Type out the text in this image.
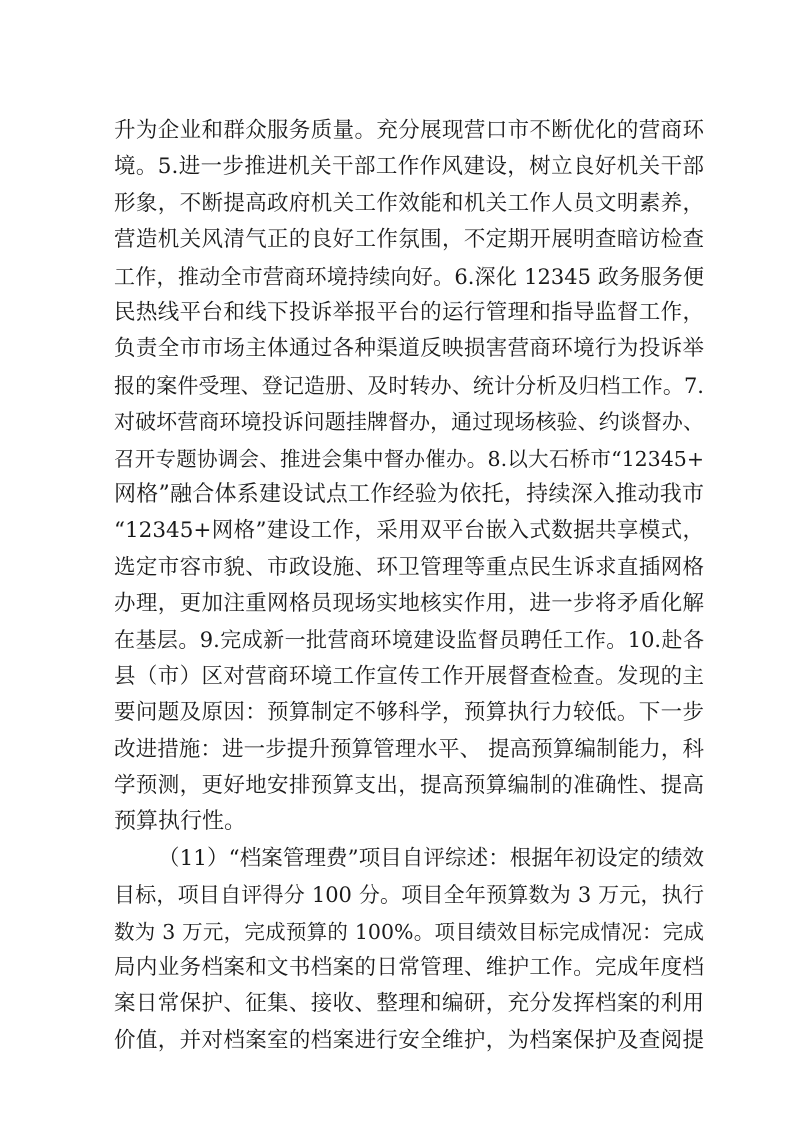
升为企业和群众服务质量。充分展现营口市不断优化的营商环
境。5.进一步推进机关干部工作作风建设，树立良好机关干部
形象，不断提高政府机关工作效能和机关工作人员文明素养，
营造机关风清气正的良好工作氛围，不定期开展明查暗访检查
工作，推动全市营商环境持续向好。6.深化 12345 政务服务便
民热线平台和线下投诉举报平台的运行管理和指导监督工作，
负责全市市场主体通过各种渠道反映损害营商环境行为投诉举
报的案件受理、登记造册、及时转办、统计分析及归档工作。7.
对破坏营商环境投诉问题挂牌督办，通过现场核验、约谈督办、
召开专题协调会、推进会集中督办催办。8.以大石桥市“12345+
网格”融合体系建设试点工作经验为依托，持续深入推动我市
“12345+网格”建设工作，采用双平台嵌入式数据共享模式，
选定市容市貌、市政设施、环卫管理等重点民生诉求直插网格
办理，更加注重网格员现场实地核实作用，进一步将矛盾化解
在基层。9.完成新一批营商环境建设监督员聘任工作。10.赴各
县（市）区对营商环境工作宣传工作开展督查检查。发现的主
要问题及原因：预算制定不够科学，预算执行力较低。下一步
改进措施：进一步提升预算管理水平、 提高预算编制能力，科
学预测，更好地安排预算支出，提高预算编制的准确性、提高
预算执行性。
（11）“档案管理费”项目自评综述：根据年初设定的绩效
目标，项目自评得分 100 分。项目全年预算数为 3 万元，执行
数为 3 万元，完成预算的 100%。项目绩效目标完成情况：完成
局内业务档案和文书档案的日常管理、维护工作。完成年度档
案日常保护、征集、接收、整理和编研，充分发挥档案的利用
价值，并对档案室的档案进行安全维护，为档案保护及查阅提
